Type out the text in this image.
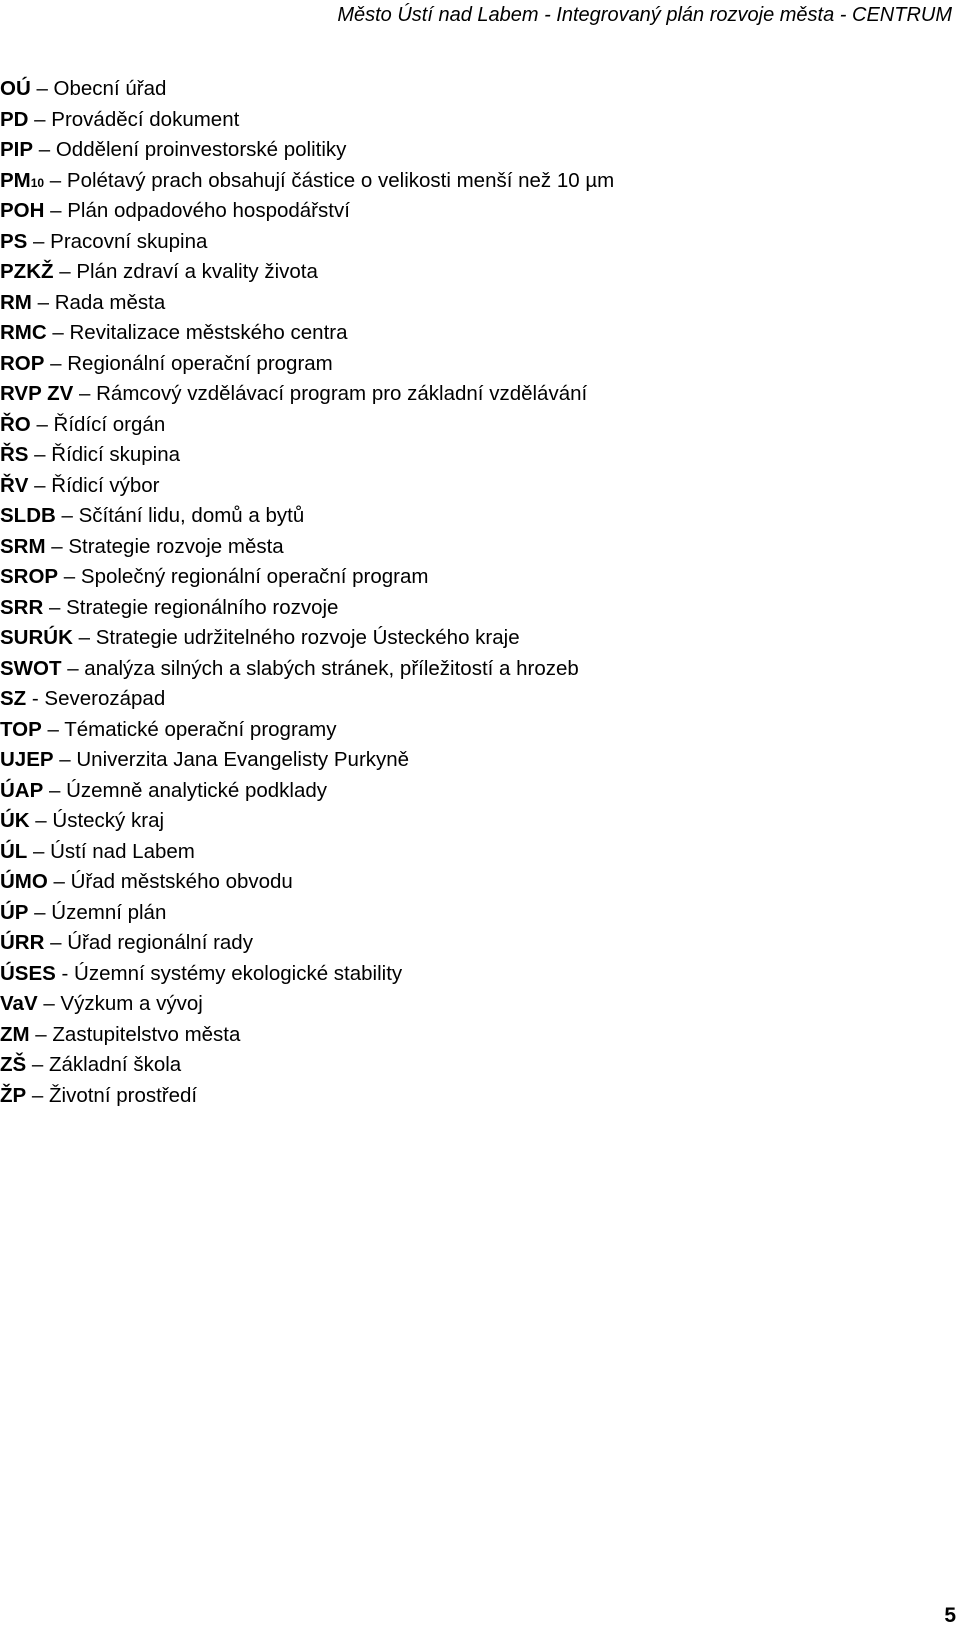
Město Ústí nad Labem - Integrovaný plán rozvoje města - CENTRUM
OÚ – Obecní úřad
PD – Prováděcí dokument
PIP – Oddělení proinvestorské politiky
PM10 – Polétavý prach obsahují částice o velikosti menší než 10 µm
POH – Plán odpadového hospodářství
PS – Pracovní skupina
PZKŽ – Plán zdraví a kvality života
RM – Rada města
RMC – Revitalizace městského centra
ROP – Regionální operační program
RVP ZV – Rámcový vzdělávací program pro základní vzdělávání
ŘO – Řídící orgán
ŘS – Řídicí skupina
ŘV – Řídicí výbor
SLDB – Sčítání lidu, domů a bytů
SRM – Strategie rozvoje města
SROP – Společný regionální operační program
SRR – Strategie regionálního rozvoje
SURÚK – Strategie udržitelného rozvoje Ústeckého kraje
SWOT – analýza silných a slabých stránek, příležitostí a hrozeb
SZ - Severozápad
TOP – Tématické operační programy
UJEP – Univerzita Jana Evangelisty Purkyně
ÚAP – Územně analytické podklady
ÚK – Ústecký kraj
ÚL – Ústí nad Labem
ÚMO – Úřad městského obvodu
ÚP – Územní plán
ÚRR – Úřad regionální rady
ÚSES - Územní systémy ekologické stability
VaV – Výzkum a vývoj
ZM – Zastupitelstvo města
ZŠ – Základní škola
ŽP – Životní prostředí
5
